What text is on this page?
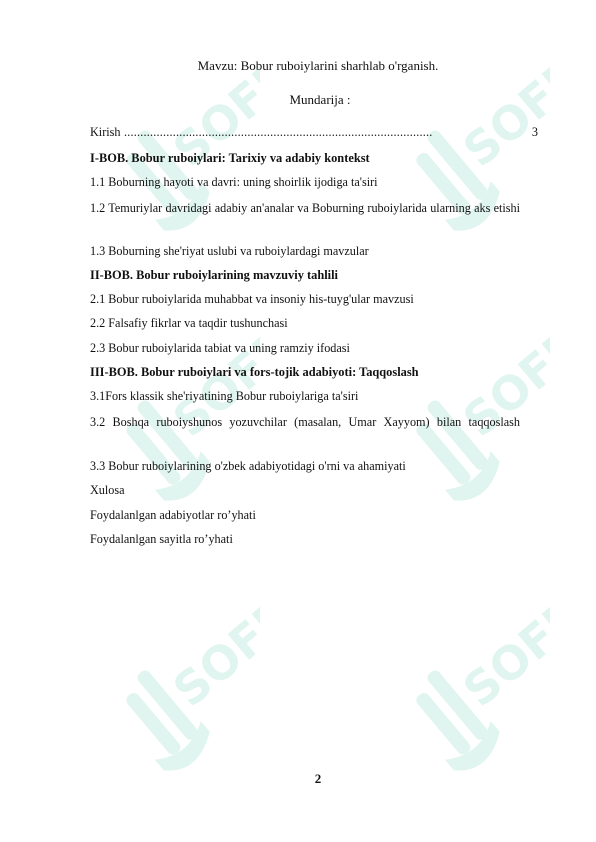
SOFF	SOFF
SOFF	SOFF
SOFF	SOFF
Mavzu: Bobur ruboiylarini sharhlab o'rganish.
Mundarija :
Kirish ...............................................................................................	3
I-BOB. Bobur ruboiylari: Tarixiy va adabiy kontekst
1.1 Boburning hayoti va davri: uning shoirlik ijodiga ta'siri
1.2 Temuriylar davridagi adabiy an'analar va Boburning ruboiylarida ularning aks etishi
1.3 Boburning she'riyat uslubi va ruboiylardagi mavzular
II-BOB. Bobur ruboiylarining mavzuviy tahlili
2.1 Bobur ruboiylarida muhabbat va insoniy his-tuyg'ular mavzusi
2.2 Falsafiy fikrlar va taqdir tushunchasi
2.3 Bobur ruboiylarida tabiat va uning ramziy ifodasi
III-BOB. Bobur ruboiylari va fors-tojik adabiyoti: Taqqoslash
3.1Fors klassik she'riyatining Bobur ruboiylariga ta'siri
3.2 Boshqa ruboiyshunos yozuvchilar (masalan, Umar Xayyom) bilan taqqoslash
3.3 Bobur ruboiylarining o'zbek adabiyotidagi o'rni va ahamiyati
Xulosa
Foydalanlgan adabiyotlar ro’yhati
Foydalanlgan sayitla ro’yhati
2
